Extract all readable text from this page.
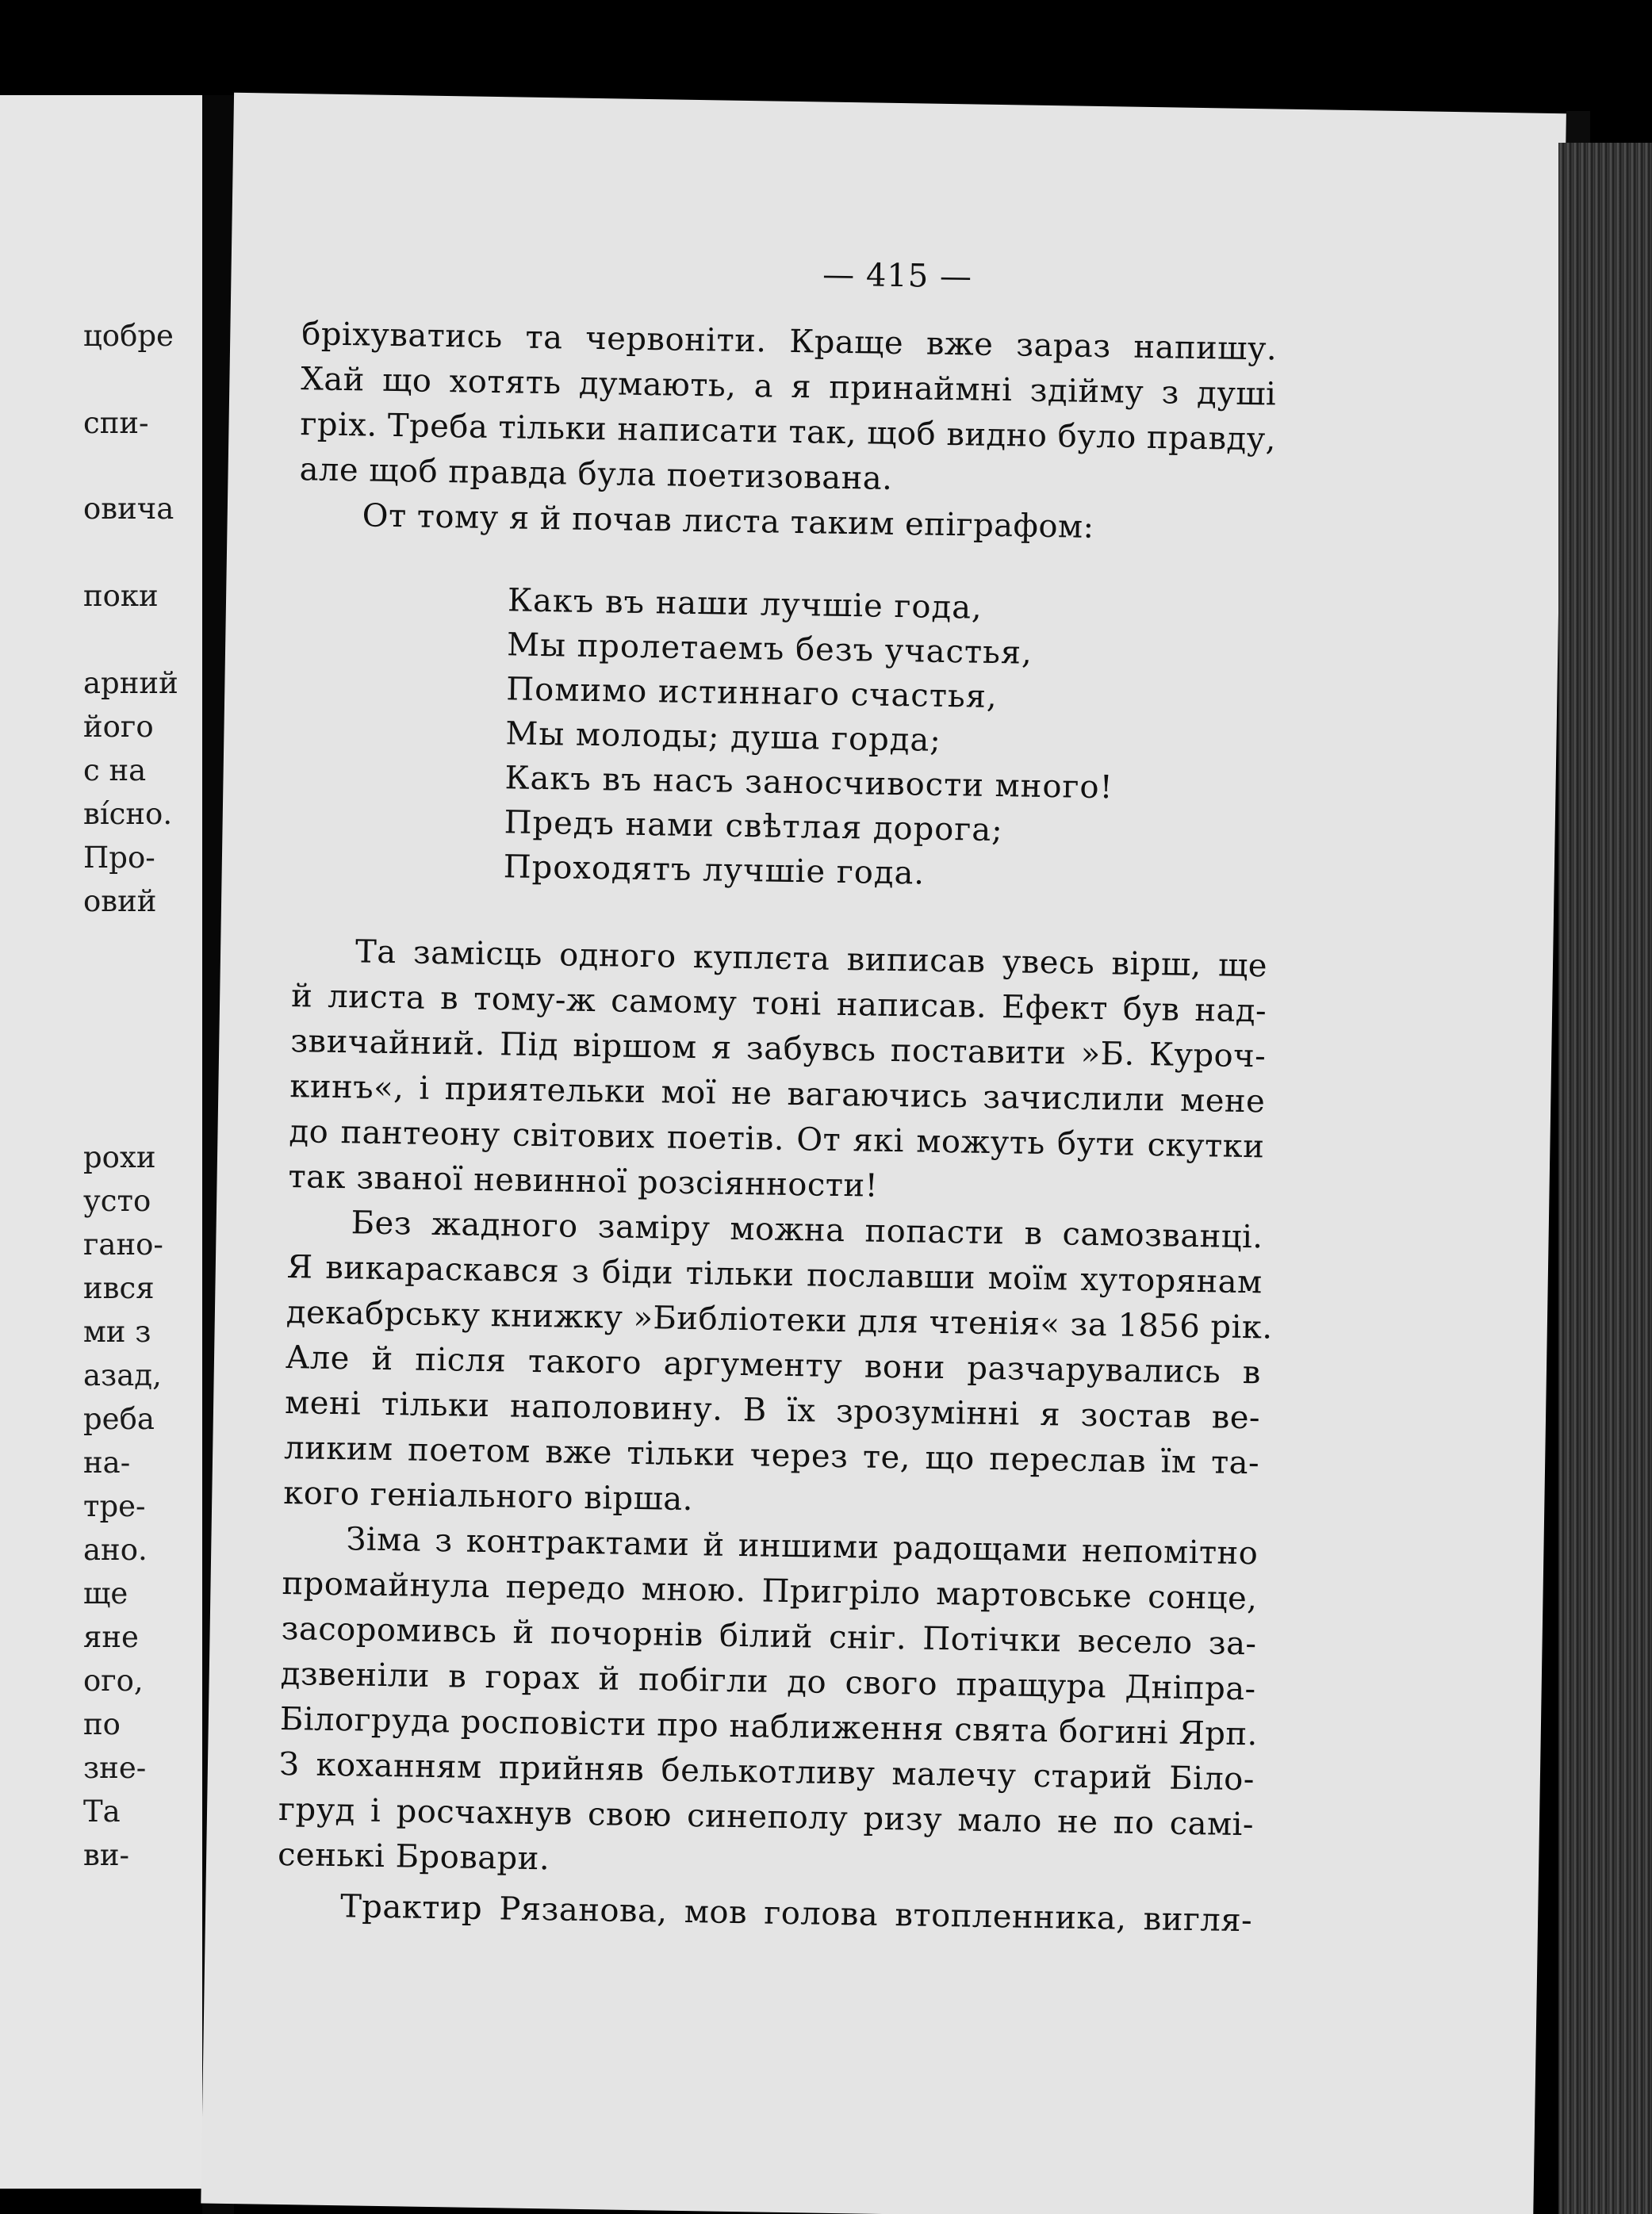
цобре
спи-
овича
поки
арний
його
с на
ві́сно.
Про-
овий
рохи
усто
гано-
ився
ми з
азад,
реба
на-
тре-
ано.
ще
яне
ого,
по
зне-
Та
ви-
— 415 —
бріхуватись та червоніти. Краще вже зараз напишу.
Хай що хотять думають, а я принаймні здійму з душі
гріх. Треба тільки написати так, щоб видно було правду,
але щоб правда була поетизована.
От тому я й почав листа таким епіграфом:
Какъ въ наши лучшіе года,
Мы пролетаемъ безъ участья,
Помимо истиннаго счастья,
Мы молоды; душа горда;
Какъ въ насъ заносчивости много!
Предъ нами свѣтлая дорога;
Проходятъ лучшіе года.
Та замісць одного куплєта виписав увесь вірш, ще
й листа в тому-ж самому тоні написав. Ефект був над-
звичайний. Під віршом я забувсь поставити »Б. Куроч-
кинъ«, і приятельки мої не вагаючись зачислили мене
до пантеону світових поетів. От які можуть бути скутки
так званої невинної розсіянности!
Без жадного заміру можна попасти в самозванці.
Я викараскався з біди тільки пославши моїм хуторянам
декабрську книжку »Библіотеки для чтенія« за 1856 рік.
Але й після такого аргументу вони разчарувались в
мені тільки наполовину. В їх зрозумінні я зостав ве-
ликим поетом вже тільки через те, що переслав їм та-
кого геніального вірша.
Зіма з контрактами й иншими радощами непомітно
промайнула передо мною. Пригріло мартовське сонце,
засоромивсь й почорнів білий сніг. Потічки весело за-
дзвеніли в горах й побігли до свого пращура Дніпра-
Білогруда росповісти про наближення свята богині Ярп.
З коханням прийняв белькотливу малечу старий Біло-
груд і росчахнув свою синеполу ризу мало не по самі-
сенькі Бровари.
Трактир Рязанова, мов голова втопленника, вигля-
